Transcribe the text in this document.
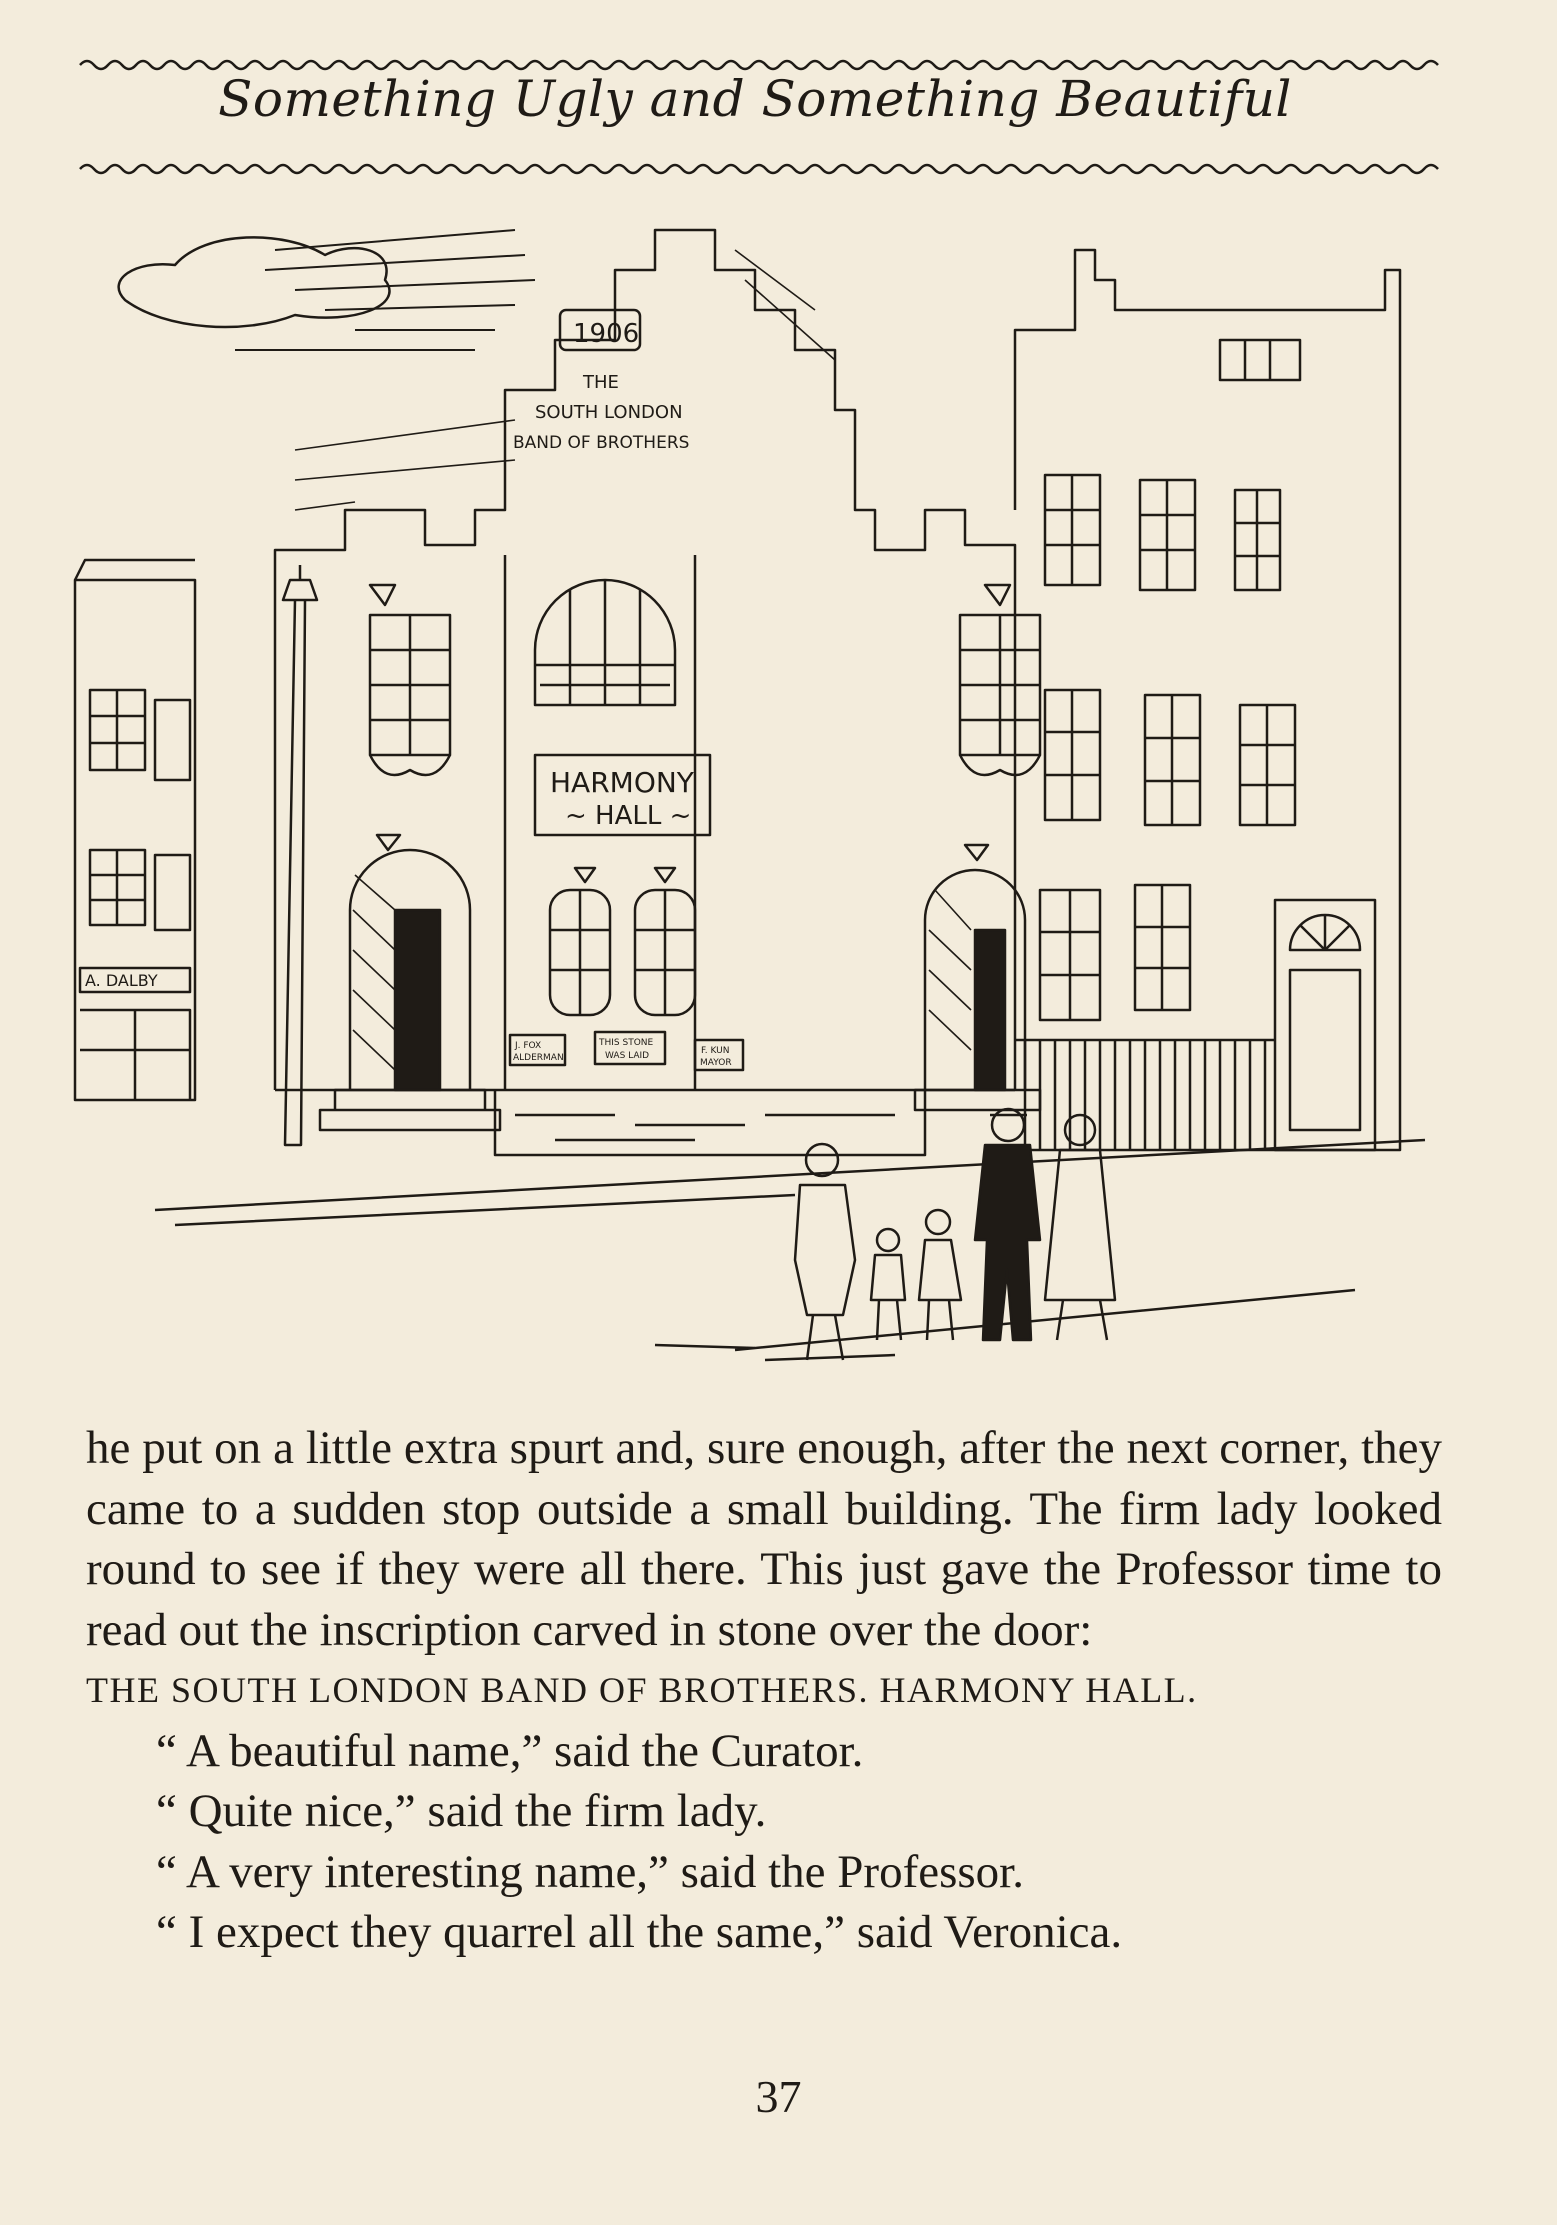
Something Ugly and Something Beautiful
A. DALBY
1906
THE
SOUTH LONDON
BAND OF BROTHERS
HARMONY
~ HALL ~
J. FOX
ALDERMAN
THIS STONE
WAS LAID	F. KUN
MAYOR

he put on a little extra spurt and, sure enough, after the next corner, they came to a sudden stop outside a small building. The firm lady looked round to see if they were all there. This just gave the Professor time to read out the inscription carved in stone over the door:

THE SOUTH LONDON BAND OF BROTHERS. HARMONY HALL.

“ A beautiful name,” said the Curator.

“ Quite nice,” said the firm lady.

“ A very interesting name,” said the Professor.

“ I expect they quarrel all the same,” said Veronica.

37
